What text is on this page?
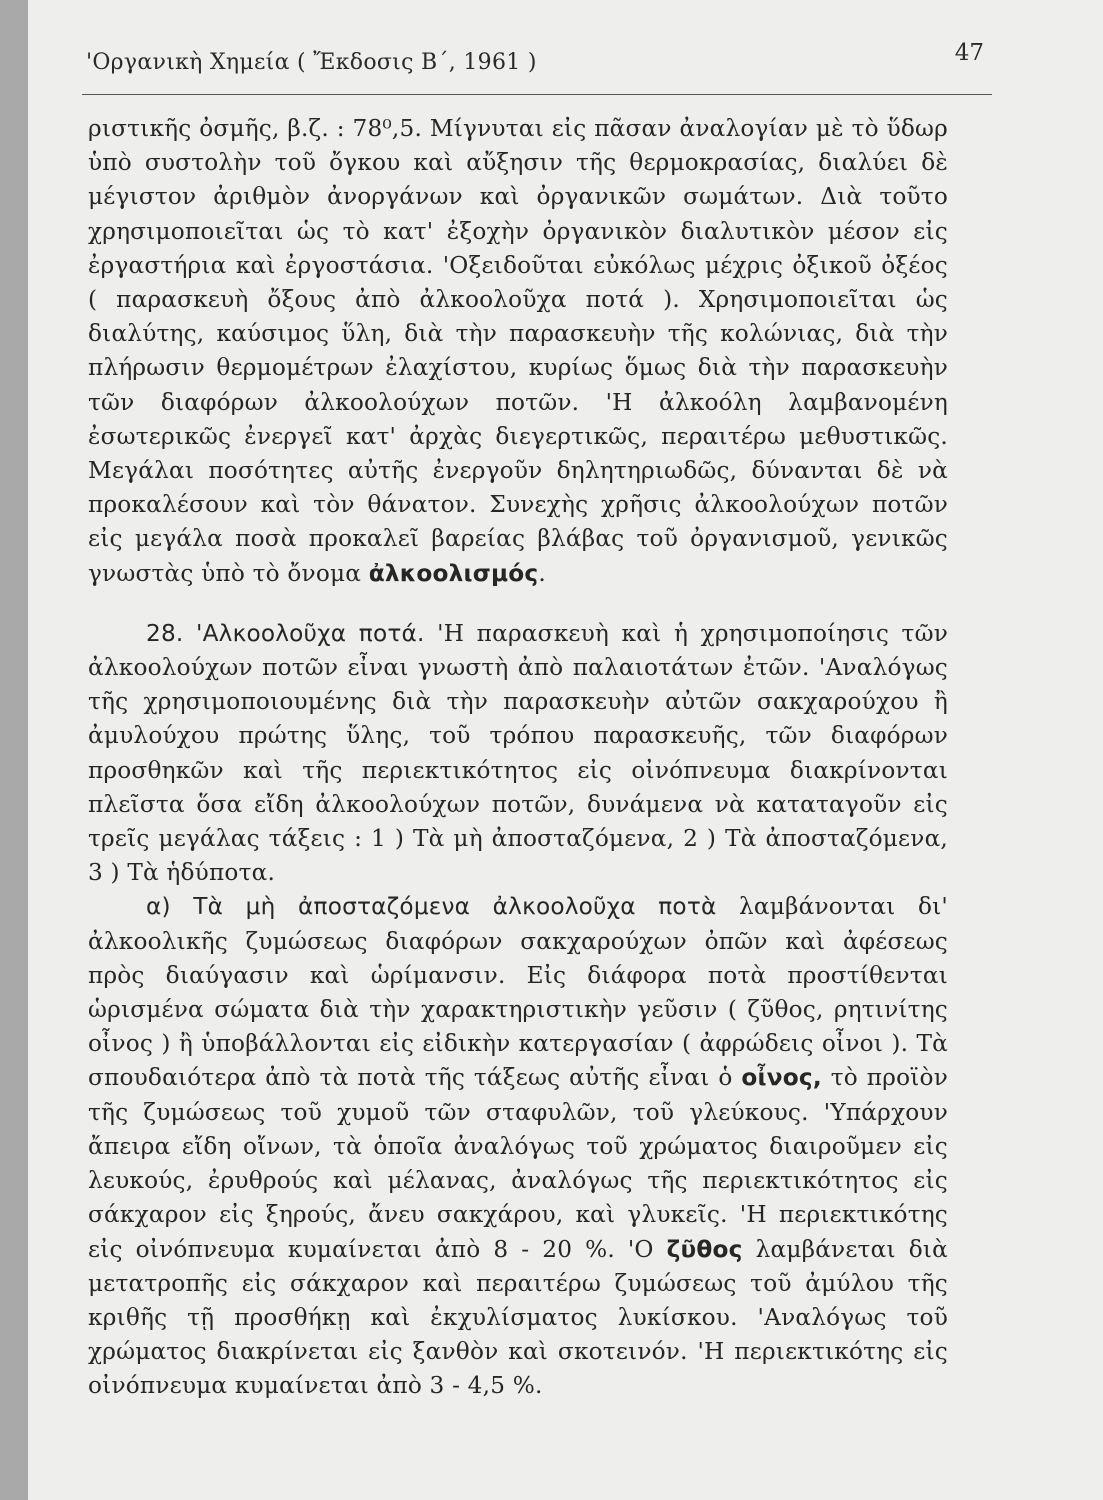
'Οργανικὴ Χημεία ( Ἔκδοσις Β΄, 1961 )	47

ριστικῆς ὀσμῆς, β.ζ. : 78⁰,5. Μίγνυται εἰς πᾶσαν ἀναλογίαν μὲ τὸ ὕδωρ ὑπὸ συστολὴν τοῦ ὄγκου καὶ αὔξησιν τῆς θερμοκρασίας, διαλύει δὲ μέγιστον ἀριθμὸν ἀνοργάνων καὶ ὀργανικῶν σωμάτων. Διὰ τοῦτο χρησιμοποιεῖται ὡς τὸ κατ' ἐξοχὴν ὀργανικὸν διαλυτικὸν μέσον εἰς ἐργαστήρια καὶ ἐργοστάσια. 'Οξειδοῦται εὐκόλως μέχρις ὀξικοῦ ὀξέος ( παρασκευὴ ὄξους ἀπὸ ἀλκοολοῦχα ποτά ). Χρησιμοποιεῖται ὡς διαλύτης, καύσιμος ὕλη, διὰ τὴν παρασκευὴν τῆς κολώνιας, διὰ τὴν πλήρωσιν θερμομέτρων ἐλαχίστου, κυρίως ὅμως διὰ τὴν παρασκευὴν τῶν διαφόρων ἀλκοολούχων ποτῶν. 'Η ἀλκοόλη λαμβανομένη ἐσωτερικῶς ἐνεργεῖ κατ' ἀρχὰς διεγερτικῶς, περαιτέρω μεθυστικῶς. Μεγάλαι ποσότητες αὐτῆς ἐνεργοῦν δηλητηριωδῶς, δύνανται δὲ νὰ προκαλέσουν καὶ τὸν θάνατον. Συνεχὴς χρῆσις ἀλκοολούχων ποτῶν εἰς μεγάλα ποσὰ προκαλεῖ βαρείας βλάβας τοῦ ὀργανισμοῦ, γενικῶς γνωστὰς ὑπὸ τὸ ὄνομα ἀλκοολισμός.

28. 'Αλκοολοῦχα ποτά. 'Η παρασκευὴ καὶ ἡ χρησιμοποίησις τῶν ἀλκοολούχων ποτῶν εἶναι γνωστὴ ἀπὸ παλαιοτάτων ἐτῶν. 'Αναλόγως τῆς χρησιμοποιουμένης διὰ τὴν παρασκευὴν αὐτῶν σακχαρούχου ἢ ἀμυλούχου πρώτης ὕλης, τοῦ τρόπου παρασκευῆς, τῶν διαφόρων προσθηκῶν καὶ τῆς περιεκτικότητος εἰς οἰνόπνευμα διακρίνονται πλεῖστα ὅσα εἴδη ἀλκοολούχων ποτῶν, δυνάμενα νὰ καταταγοῦν εἰς τρεῖς μεγάλας τάξεις : 1 ) Τὰ μὴ ἀποσταζόμενα, 2 ) Τὰ ἀποσταζόμενα, 3 ) Τὰ ἡδύποτα.

α) Τὰ μὴ ἀποσταζόμενα ἀλκοολοῦχα ποτὰ λαμβάνονται δι' ἀλκοολικῆς ζυμώσεως διαφόρων σακχαρούχων ὀπῶν καὶ ἀφέσεως πρὸς διαύγασιν καὶ ὡρίμανσιν. Εἰς διάφορα ποτὰ προστίθενται ὡρισμένα σώματα διὰ τὴν χαρακτηριστικὴν γεῦσιν ( ζῦθος, ρητινίτης οἶνος ) ἢ ὑποβάλλονται εἰς εἰδικὴν κατεργασίαν ( ἀφρώδεις οἶνοι ). Τὰ σπουδαιότερα ἀπὸ τὰ ποτὰ τῆς τάξεως αὐτῆς εἶναι ὁ οἶνος, τὸ προϊὸν τῆς ζυμώσεως τοῦ χυμοῦ τῶν σταφυλῶν, τοῦ γλεύκους. 'Υπάρχουν ἄπειρα εἴδη οἴνων, τὰ ὁποῖα ἀναλόγως τοῦ χρώματος διαιροῦμεν εἰς λευκούς, ἐρυθρούς καὶ μέλανας, ἀναλόγως τῆς περιεκτικότητος εἰς σάκχαρον εἰς ξηρούς, ἄνευ σακχάρου, καὶ γλυκεῖς. 'Η περιεκτικότης εἰς οἰνόπνευμα κυμαίνεται ἀπὸ 8 - 20 %. 'Ο ζῦθος λαμβάνεται διὰ μετατροπῆς εἰς σάκχαρον καὶ περαιτέρω ζυμώσεως τοῦ ἀμύλου τῆς κριθῆς τῇ προσθήκῃ καὶ ἐκχυλίσματος λυκίσκου. 'Αναλόγως τοῦ χρώματος διακρίνεται εἰς ξανθὸν καὶ σκοτεινόν. 'Η περιεκτικότης εἰς οἰνόπνευμα κυμαίνεται ἀπὸ 3 - 4,5 %.
